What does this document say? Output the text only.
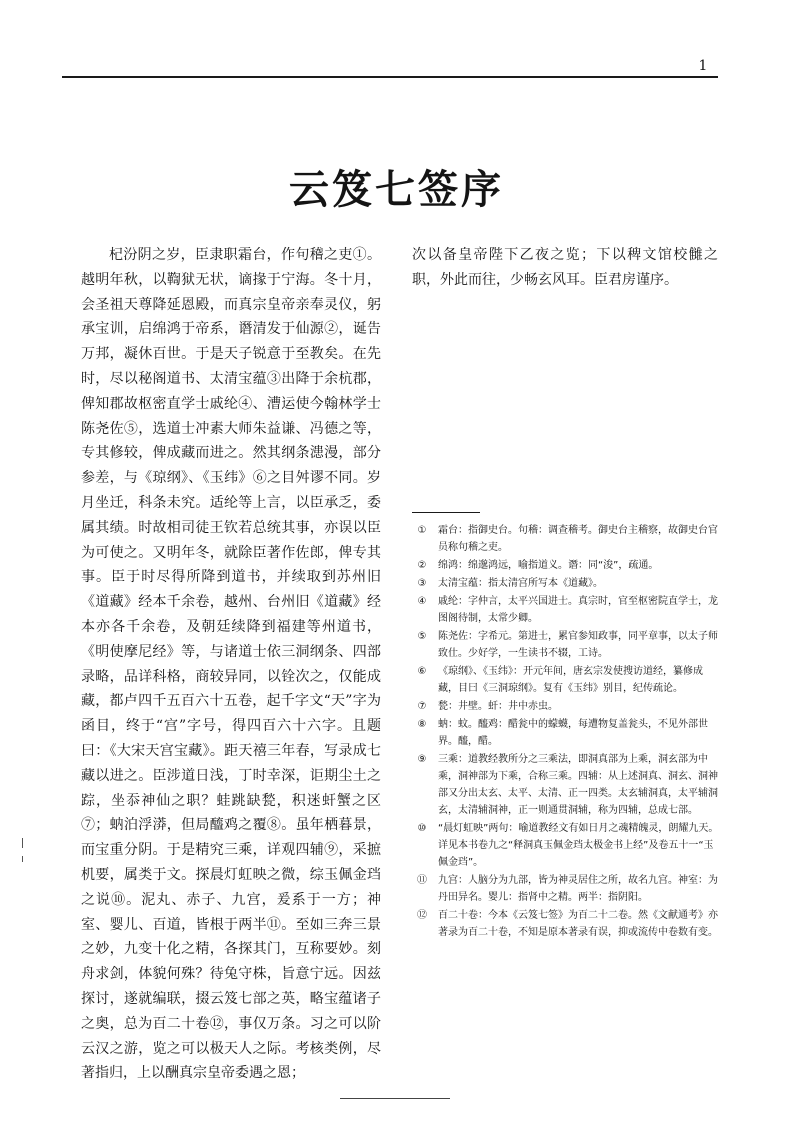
1
云笈七签序

杞汾阴之岁，臣隶职霜台，作句稽之吏①。越明年秋，以鞫狱无状，谪掾于宁海。冬十月，会圣祖天尊降延恩殿，而真宗皇帝亲奉灵仪，躬承宝训，启绵鸿于帝系，谮清发于仙源②，诞告万邦，凝休百世。于是天子锐意于至教矣。在先时，尽以秘阁道书、太清宝蕴③出降于余杭郡，俾知郡故枢密直学士戚纶④、漕运使今翰林学士陈尧佐⑤，选道士冲素大师朱益谦、冯德之等，专其修较，俾成藏而进之。然其纲条漶漫，部分参差，与《琼纲》、《玉纬》⑥之目舛谬不同。岁月坐迁，科条未究。适纶等上言，以臣承乏，委属其绩。时故相司徒王钦若总统其事，亦误以臣为可使之。又明年冬，就除臣著作佐郎，俾专其事。臣于时尽得所降到道书，并续取到苏州旧《道藏》经本千余卷，越州、台州旧《道藏》经本亦各千余卷，及朝廷续降到福建等州道书，《明使摩尼经》等，与诸道士依三洞纲条、四部录略，品详科格，商较异同，以铨次之，仅能成藏，都卢四千五百六十五卷，起千字文“天”字为函目，终于“宫”字号，得四百六十六字。且题曰：《大宋天宫宝藏》。距天禧三年春，写录成七藏以进之。臣涉道日浅，丁时幸深，讵期尘土之踪，坐忝神仙之职？蛙跳缺甃，积迷虷蟹之区⑦；蚋泊浮漭，但局醯鸡之覆⑧。虽年栖暮景，而宝重分阴。于是精究三乘，详观四辅⑨，采摭机要，属类于文。探晨灯虹映之微，综玉佩金珰之说⑩。泥丸、赤子、九宫，爰系于一方；神室、婴儿、百道，皆根于两半⑪。至如三奔三景之妙，九变十化之精，各探其门，互称要妙。刻舟求剑，体貌何殊？待兔守株，旨意宁远。因兹探讨，遂就编联，掇云笈七部之英，略宝蕴诸子之奥，总为百二十卷⑫，事仅万条。习之可以阶云汉之游，览之可以极天人之际。考核类例，尽著指归，上以酬真宗皇帝委遇之恩；

次以备皇帝陛下乙夜之览；下以稗文馆校雠之职，外此而往，少畅玄风耳。臣君房谨序。

①	霜台：指御史台。句稽：调查稽考。御史台主稽察，故御史台官员称句稽之吏。
②	绵鸿：绵邈鸿远，喻指道义。谮：同“浚”，疏通。
③	太清宝蕴：指太清宫所写本《道藏》。
④	戚纶：字仲言，太平兴国进士。真宗时，官至枢密院直学士，龙图阁待制，太常少卿。
⑤	陈尧佐：字希元。第进士，累官参知政事，同平章事，以太子师致仕。少好学，一生读书不辍，工诗。
⑥	《琼纲》、《玉纬》：开元年间，唐玄宗发使搜访道经，纂修成藏，目曰《三洞琼纲》。复有《玉纬》别目，纪传疏论。
⑦	甃：井壁。虷：井中赤虫。
⑧	蚋：蚊。醯鸡：醋瓮中的蠓蠛，每遭物复盖瓮头，不见外部世界。醯，醋。
⑨	三乘：道教经教所分之三乘法，即洞真部为上乘，洞玄部为中乘，洞神部为下乘，合称三乘。四辅：从上述洞真、洞玄、洞神部又分出太玄、太平、太清、正一四类。太玄辅洞真，太平辅洞玄，太清辅洞神，正一则通贯洞辅，称为四辅，总成七部。
⑩	“晨灯虹映”两句：喻道教经文有如日月之魂精魄灵，朗耀九天。详见本书卷九之“释洞真玉佩金珰太极金书上经”及卷五十一“玉佩金珰”。
⑪	九宫：人脑分为九部，皆为神灵居住之所，故名九宫。神室：为丹田异名。婴儿：指肾中之精。两半：指阴阳。
⑫	百二十卷：今本《云笈七签》为百二十二卷。然《文献通考》亦著录为百二十卷，不知是原本著录有误，抑或流传中卷数有变。
